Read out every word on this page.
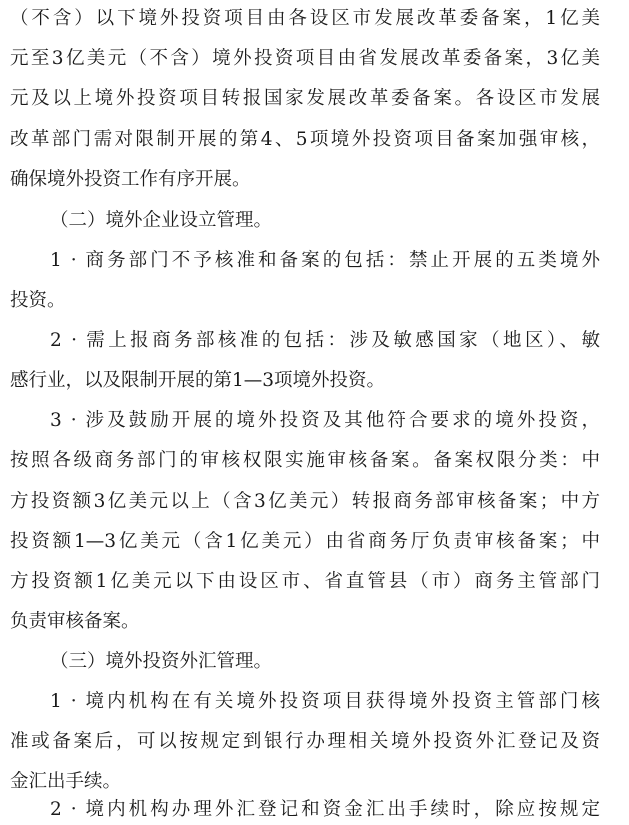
（不含）以下境外投资项目由各设区市发展改革委备案，1亿美
元至3亿美元（不含）境外投资项目由省发展改革委备案，3亿美
元及以上境外投资项目转报国家发展改革委备案。各设区市发展
改革部门需对限制开展的第4、5项境外投资项目备案加强审核，
确保境外投资工作有序开展。
（二）境外企业设立管理。
1 · 商务部门不予核准和备案的包括：禁止开展的五类境外
投资。
2 · 需上报商务部核准的包括：涉及敏感国家（地区）、敏
感行业，以及限制开展的第1—3项境外投资。
3 · 涉及鼓励开展的境外投资及其他符合要求的境外投资，
按照各级商务部门的审核权限实施审核备案。备案权限分类：中
方投资额3亿美元以上（含3亿美元）转报商务部审核备案；中方
投资额1—3亿美元（含1亿美元）由省商务厅负责审核备案；中
方投资额1亿美元以下由设区市、省直管县（市）商务主管部门
负责审核备案。
（三）境外投资外汇管理。
1 · 境内机构在有关境外投资项目获得境外投资主管部门核
准或备案后，可以按规定到银行办理相关境外投资外汇登记及资
金汇出手续。
2 · 境内机构办理外汇登记和资金汇出手续时，除应按规定
